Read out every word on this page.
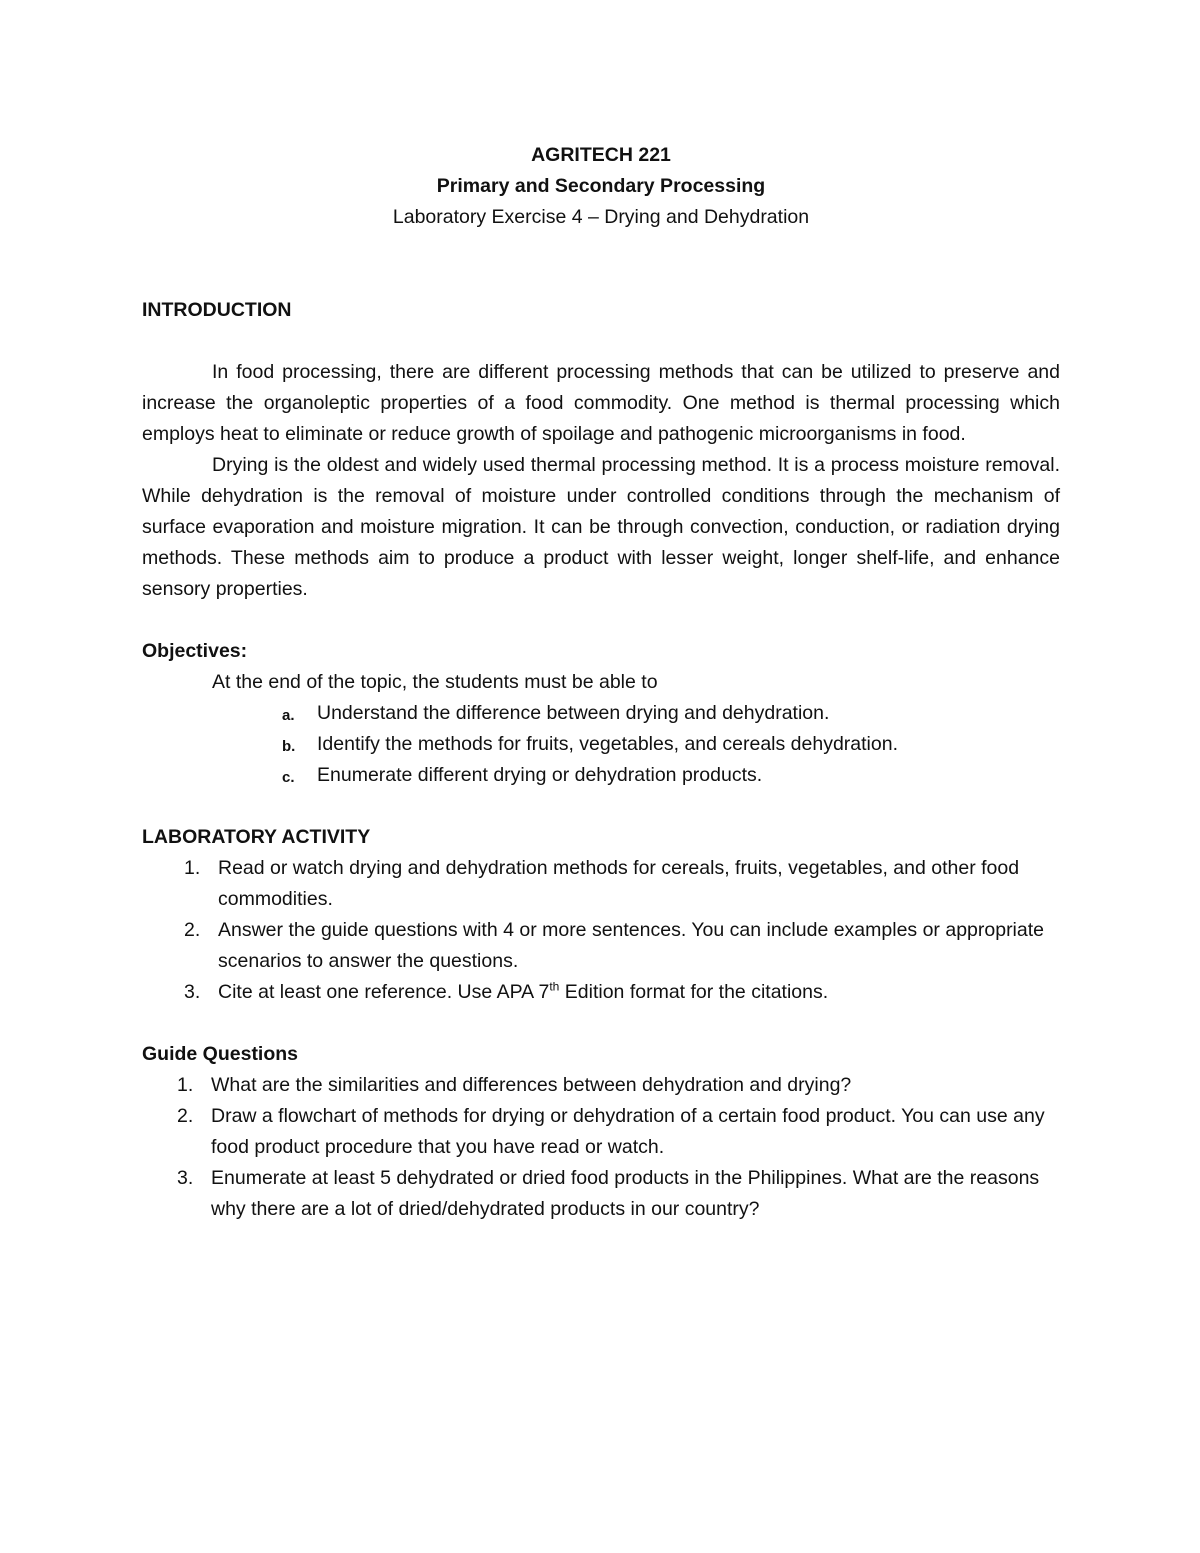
AGRITECH 221
Primary and Secondary Processing
Laboratory Exercise 4 – Drying and Dehydration
INTRODUCTION

In food processing, there are different processing methods that can be utilized to preserve and increase the organoleptic properties of a food commodity. One method is thermal processing which employs heat to eliminate or reduce growth of spoilage and pathogenic microorganisms in food.

Drying is the oldest and widely used thermal processing method. It is a process moisture removal. While dehydration is the removal of moisture under controlled conditions through the mechanism of surface evaporation and moisture migration. It can be through convection, conduction, or radiation drying methods. These methods aim to produce a product with lesser weight, longer shelf-life, and enhance sensory properties.

Objectives:
At the end of the topic, the students must be able to
a. Understand the difference between drying and dehydration.
b. Identify the methods for fruits, vegetables, and cereals dehydration.
c. Enumerate different drying or dehydration products.
LABORATORY ACTIVITY
1. Read or watch drying and dehydration methods for cereals, fruits, vegetables, and other food commodities.
2. Answer the guide questions with 4 or more sentences. You can include examples or appropriate scenarios to answer the questions.
3. Cite at least one reference. Use APA 7th Edition format for the citations.
Guide Questions
1. What are the similarities and differences between dehydration and drying?
2. Draw a flowchart of methods for drying or dehydration of a certain food product. You can use any food product procedure that you have read or watch.
3. Enumerate at least 5 dehydrated or dried food products in the Philippines. What are the reasons why there are a lot of dried/dehydrated products in our country?
